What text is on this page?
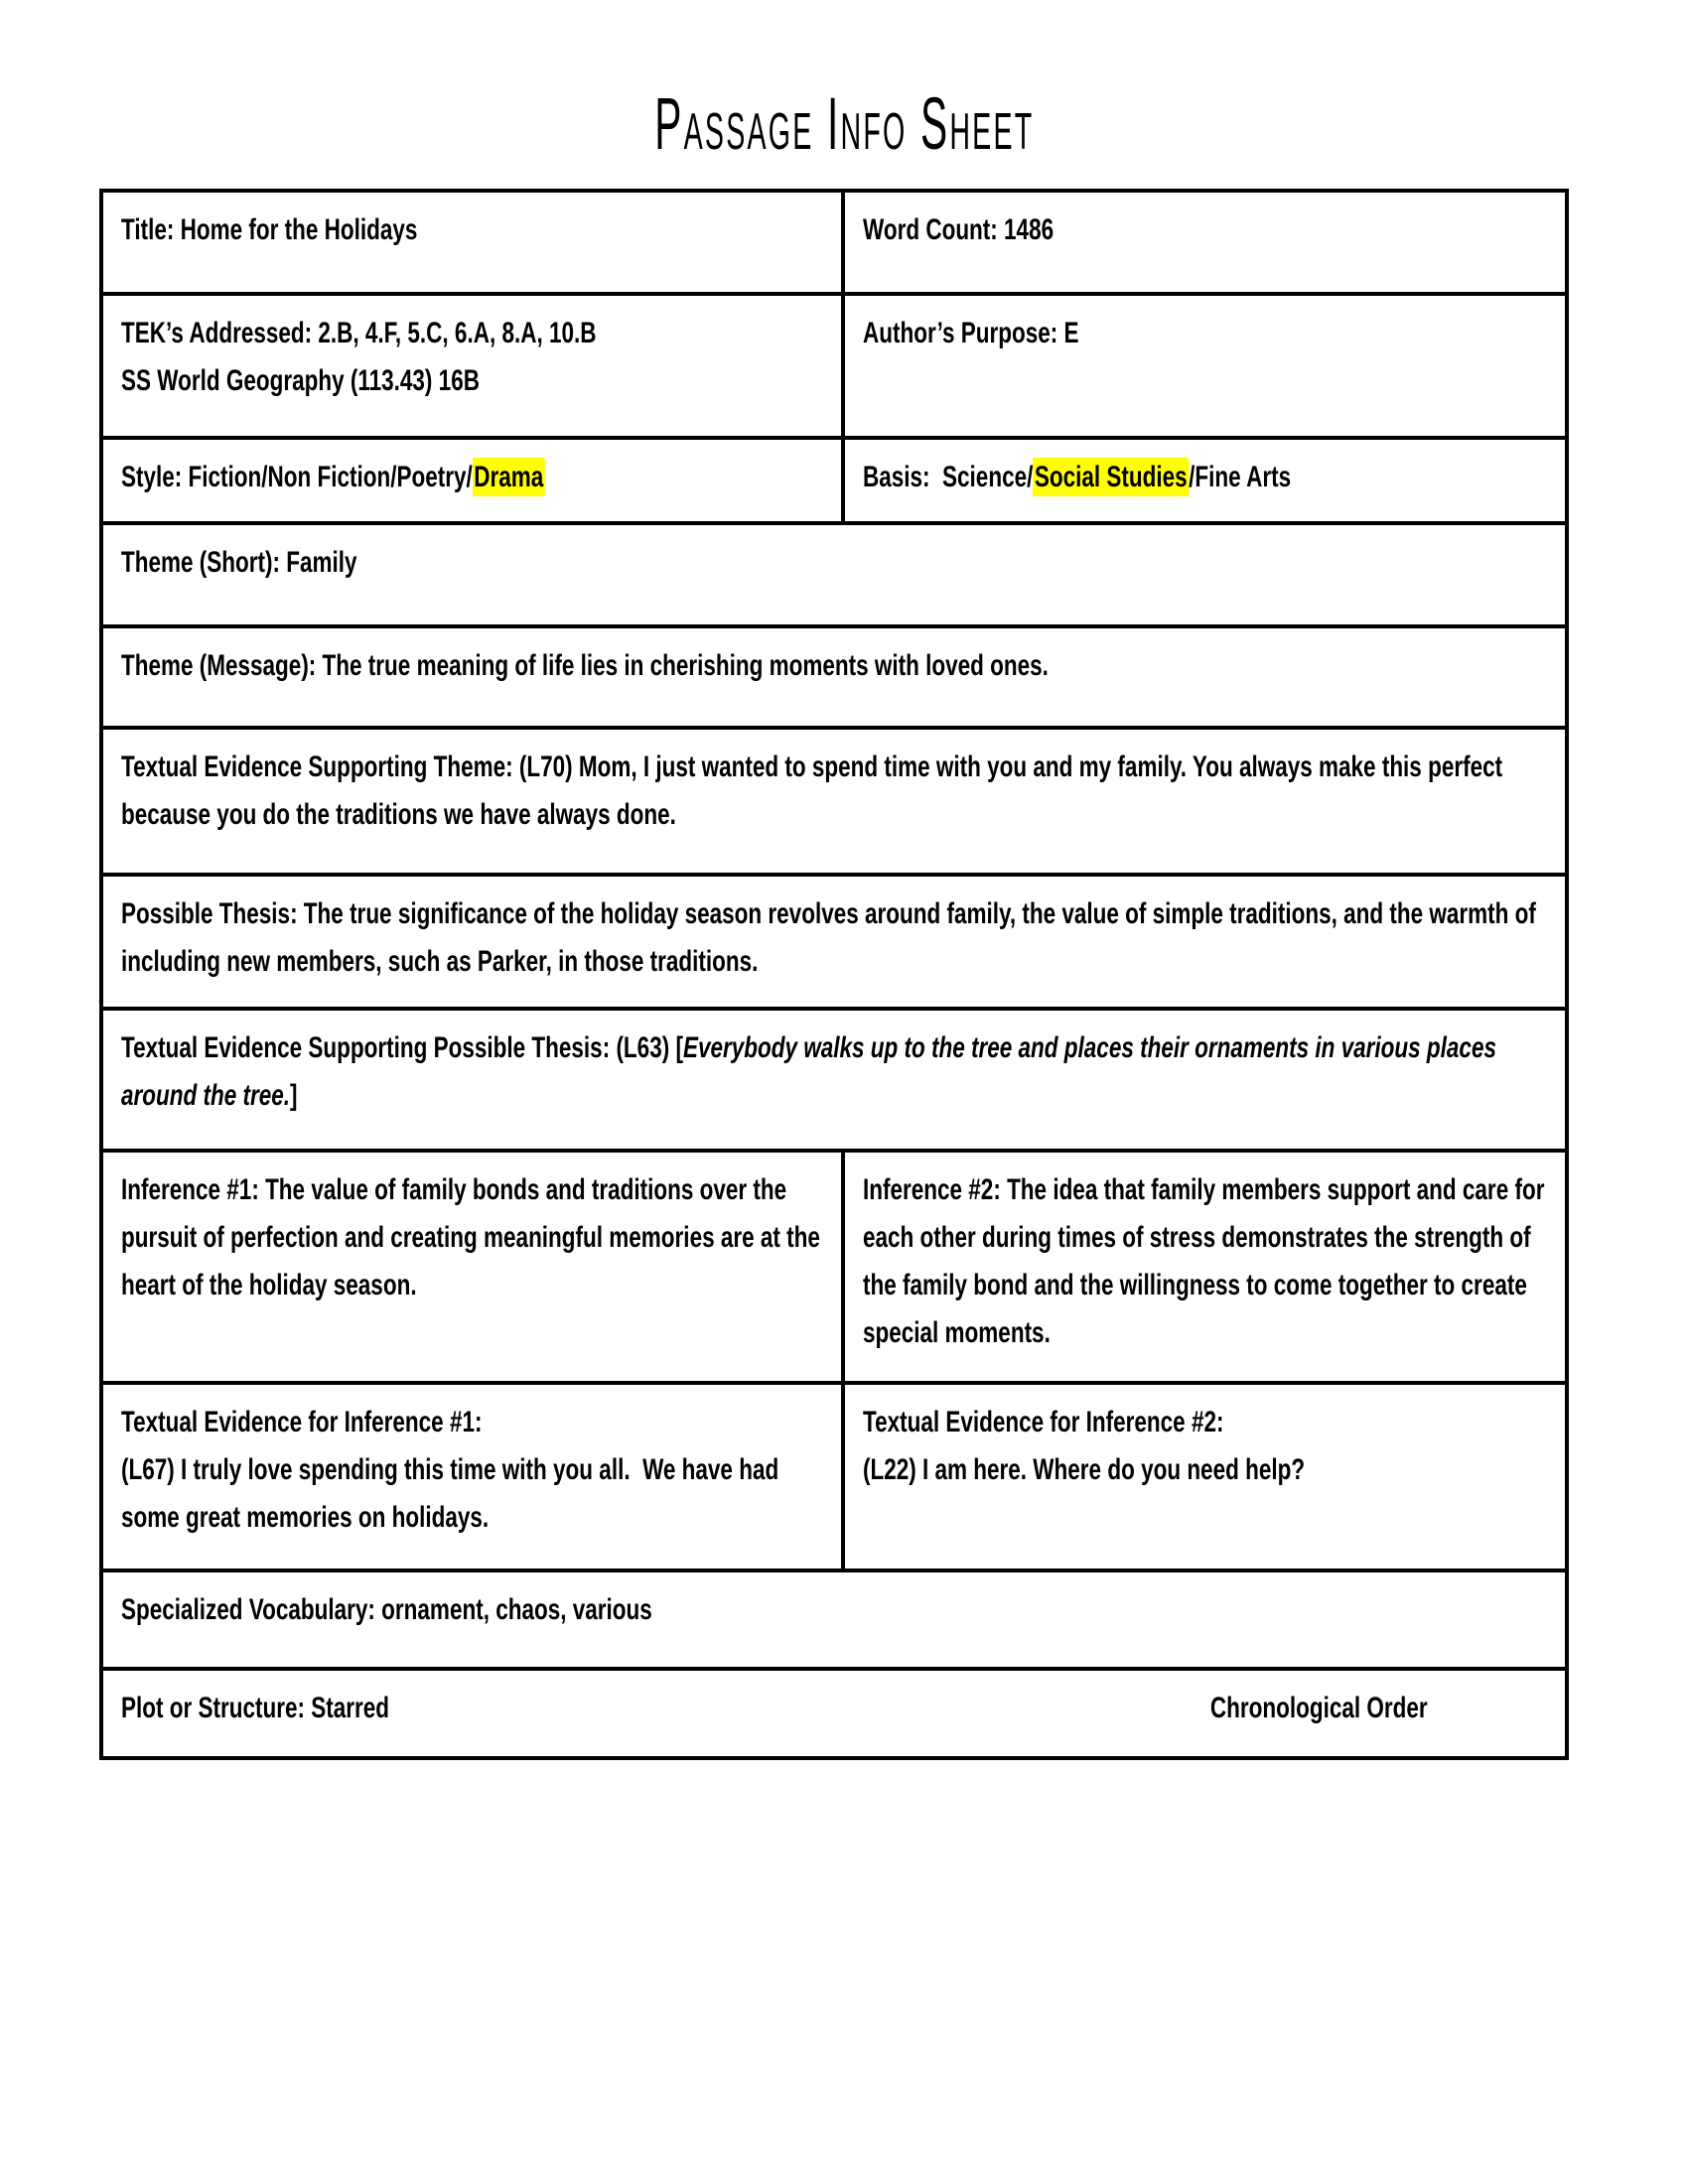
Passage Info Sheet
Title: Home for the Holidays	Word Count: 1486
TEK’s Addressed: 2.B, 4.F, 5.C, 6.A, 8.A, 10.B
SS World Geography (113.43) 16B
Author’s Purpose: E
Style: Fiction/Non Fiction/Poetry/Drama	Basis:  Science/Social Studies/Fine Arts
Theme (Short): Family
Theme (Message): The true meaning of life lies in cherishing moments with loved ones.
Textual Evidence Supporting Theme: (L70) Mom, I just wanted to spend time with you and my family. You always make this perfect because you do the traditions we have always done.
Possible Thesis: The true significance of the holiday season revolves around family, the value of simple traditions, and the warmth of including new members, such as Parker, in those traditions.
Textual Evidence Supporting Possible Thesis: (L63) [Everybody walks up to the tree and places their ornaments in various places around the tree.]
Inference #1: The value of family bonds and traditions over the pursuit of perfection and creating meaningful memories are at the heart of the holiday season.
Inference #2: The idea that family members support and care for each other during times of stress demonstrates the strength of the family bond and the willingness to come together to create special moments.
Textual Evidence for Inference #1:
(L67) I truly love spending this time with you all.  We have had some great memories on holidays.
Textual Evidence for Inference #2:
(L22) I am here. Where do you need help?
Specialized Vocabulary: ornament, chaos, various
Plot or Structure: Starred	Chronological Order
